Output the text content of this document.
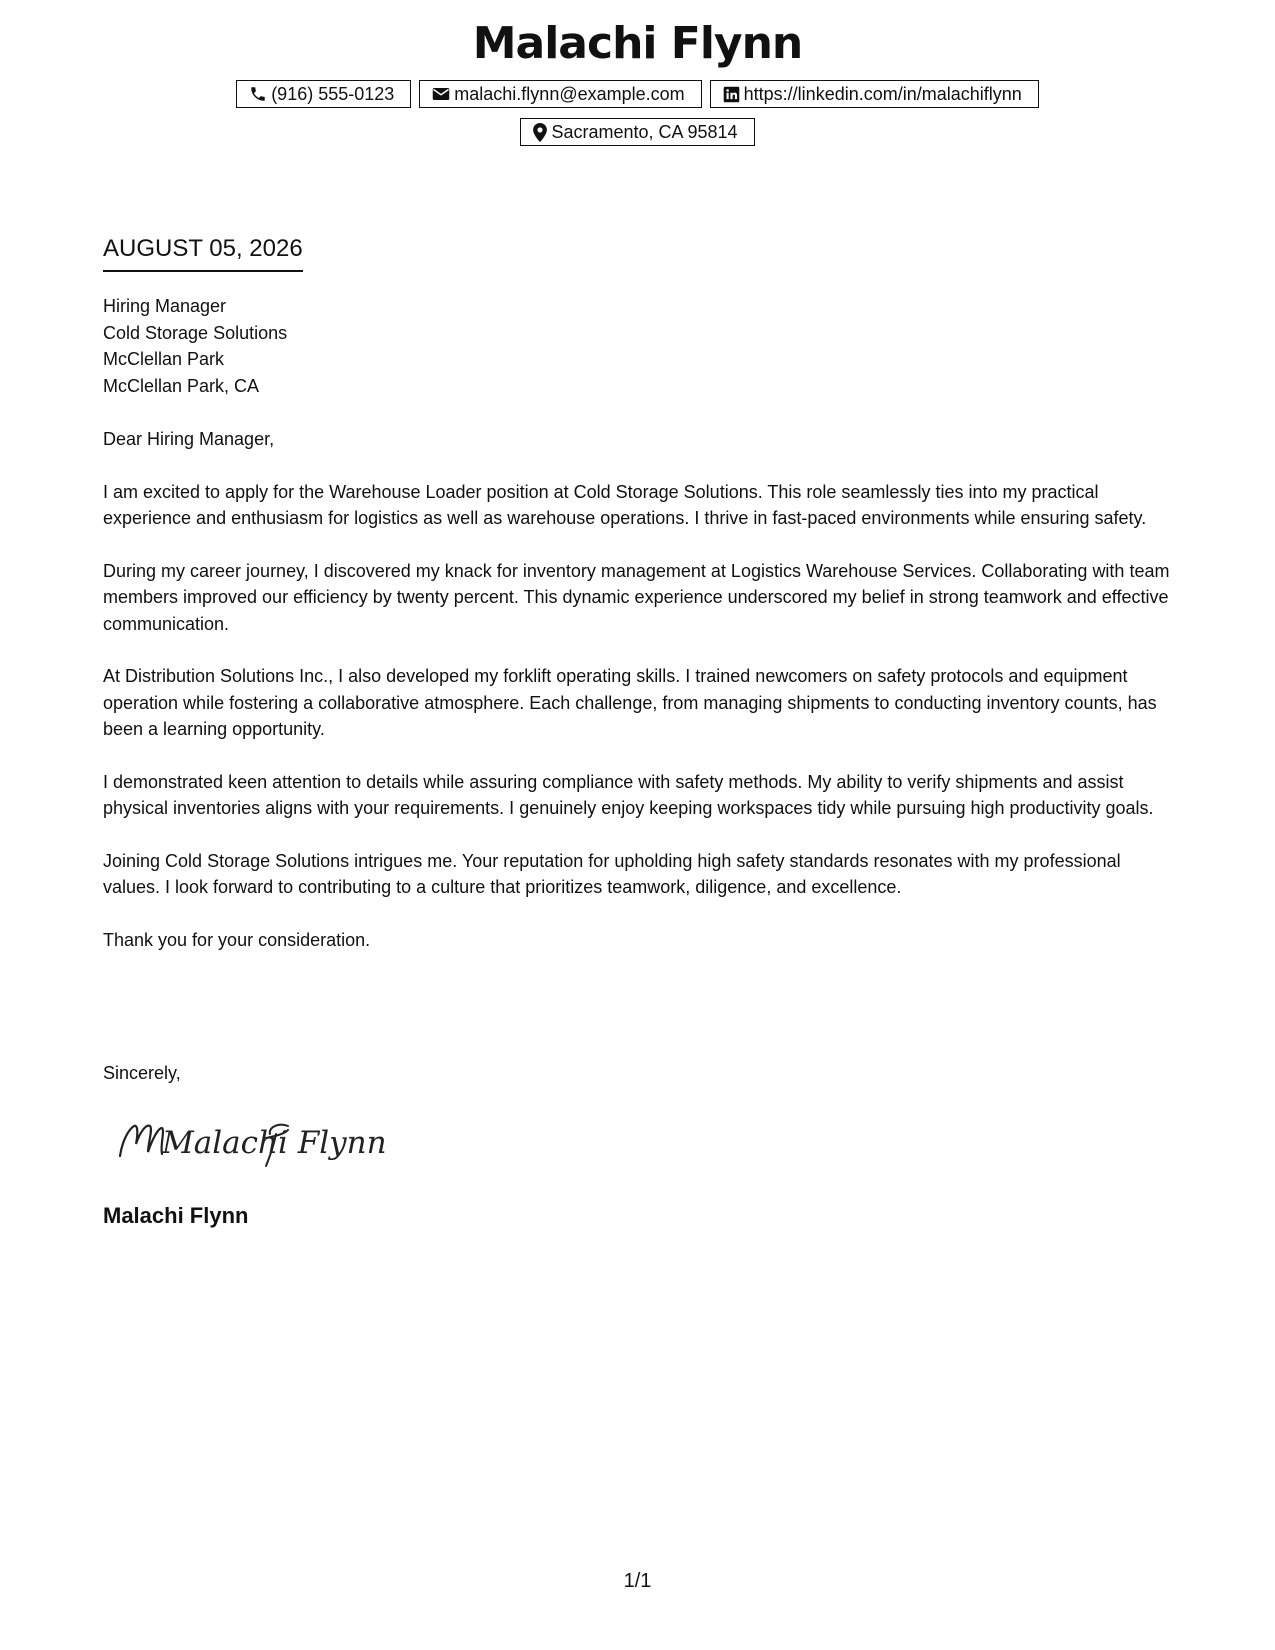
Malachi Flynn
(916) 555-0123	malachi.flynn@example.com	https://linkedin.com/in/malachiflynn
Sacramento, CA 95814
AUGUST 05, 2026
Hiring Manager
Cold Storage Solutions
McClellan Park
McClellan Park, CA

Dear Hiring Manager,

I am excited to apply for the Warehouse Loader position at Cold Storage Solutions. This role seamlessly ties into my practical experience and enthusiasm for logistics as well as warehouse operations. I thrive in fast-paced environments while ensuring safety.

During my career journey, I discovered my knack for inventory management at Logistics Warehouse Services. Collaborating with team members improved our efficiency by twenty percent. This dynamic experience underscored my belief in strong teamwork and effective communication.

At Distribution Solutions Inc., I also developed my forklift operating skills. I trained newcomers on safety protocols and equipment operation while fostering a collaborative atmosphere. Each challenge, from managing shipments to conducting inventory counts, has been a learning opportunity.

I demonstrated keen attention to details while assuring compliance with safety methods. My ability to verify shipments and assist physical inventories aligns with your requirements. I genuinely enjoy keeping workspaces tidy while pursuing high productivity goals.

Joining Cold Storage Solutions intrigues me. Your reputation for upholding high safety standards resonates with my professional values. I look forward to contributing to a culture that prioritizes teamwork, diligence, and excellence.

Thank you for your consideration.

Sincerely,
Malachi Flynn
Malachi Flynn
1/1
